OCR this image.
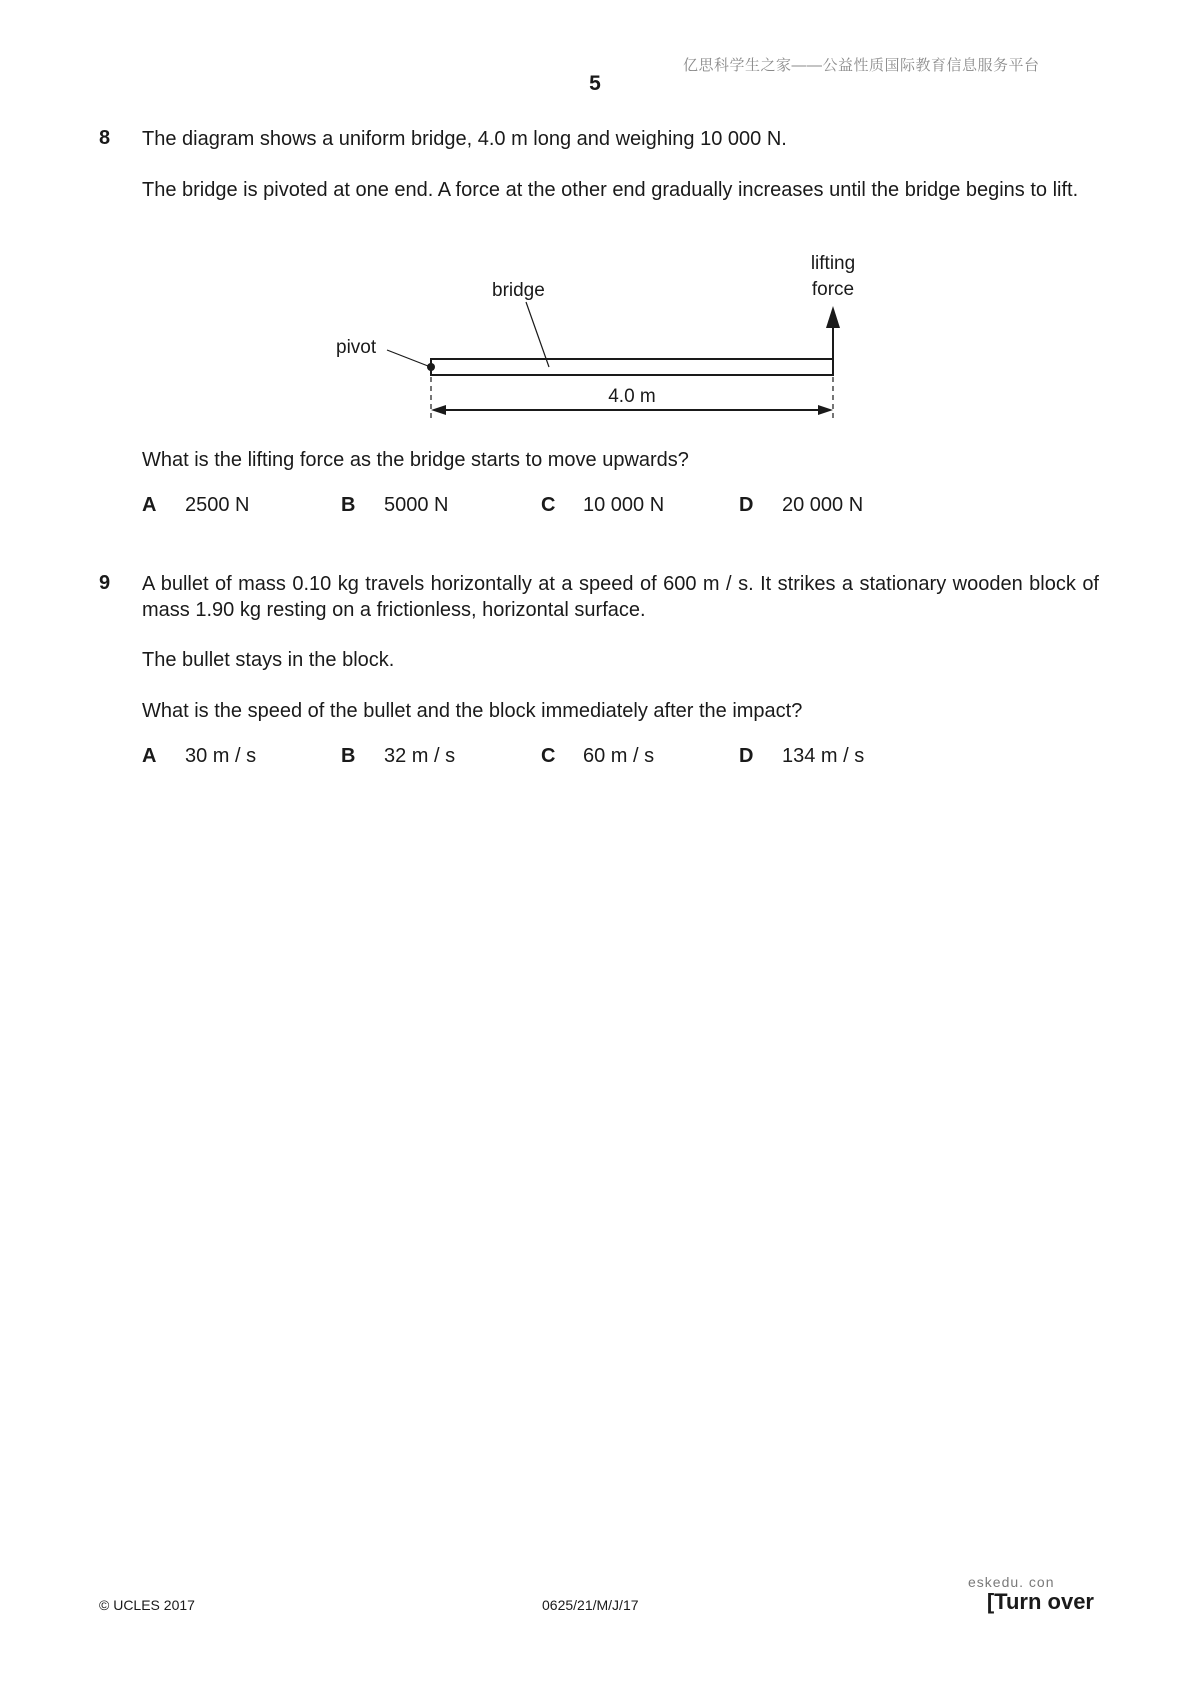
亿思科学生之家——公益性质国际教育信息服务平台
5
8 The diagram shows a uniform bridge, 4.0 m long and weighing 10 000 N.
The bridge is pivoted at one end. A force at the other end gradually increases until the bridge begins to lift.
pivot
bridge
lifting
force
4.0 m
What is the lifting force as the bridge starts to move upwards?
A 2500 N	B 5000 N	C 10 000 N	D 20 000 N
9 A bullet of mass 0.10 kg travels horizontally at a speed of 600 m / s. It strikes a stationary wooden block of mass 1.90 kg resting on a frictionless, horizontal surface.
The bullet stays in the block.
What is the speed of the bullet and the block immediately after the impact?
A 30 m / s	B 32 m / s	C 60 m / s	D 134 m / s
© UCLES 2017	0625/21/M/J/17
eskedu. con
[Turn over
